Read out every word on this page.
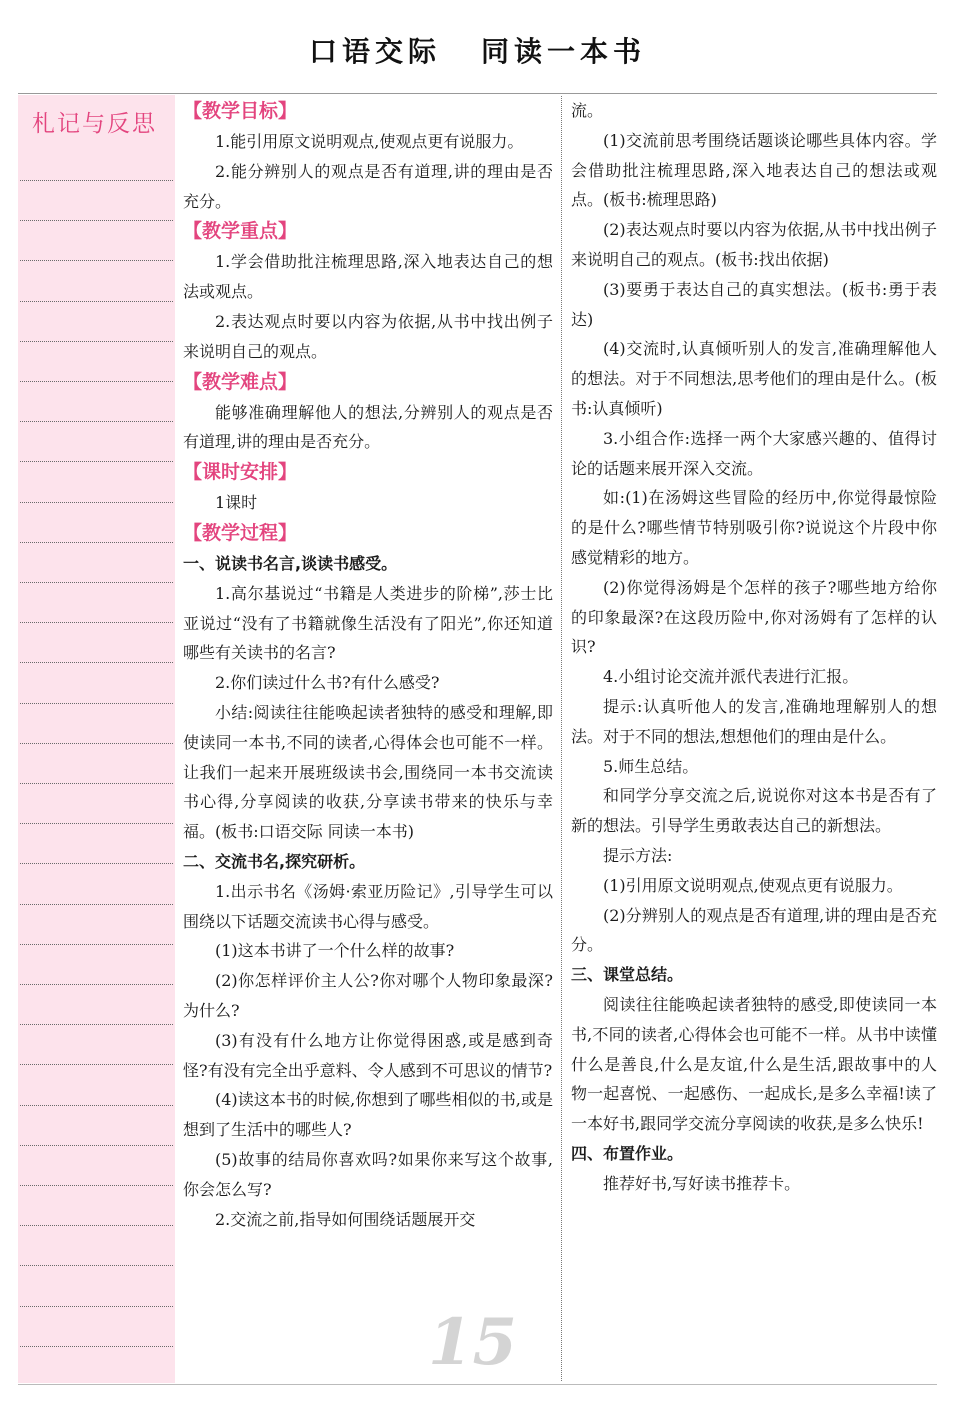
口语交际 同读一本书
札记与反思 【教学目标】

1.能引用原文说明观点,使观点更有说服力。

2.能分辨别人的观点是否有道理,讲的理由是否充分。

【教学重点】

1.学会借助批注梳理思路,深入地表达自己的想法或观点。

2.表达观点时要以内容为依据,从书中找出例子来说明自己的观点。

【教学难点】

能够准确理解他人的想法,分辨别人的观点是否有道理,讲的理由是否充分。

【课时安排】

1课时

【教学过程】

一、说读书名言,谈读书感受。

1.高尔基说过“书籍是人类进步的阶梯”,莎士比亚说过“没有了书籍就像生活没有了阳光”,你还知道哪些有关读书的名言?

2.你们读过什么书?有什么感受?

小结:阅读往往能唤起读者独特的感受和理解,即使读同一本书,不同的读者,心得体会也可能不一样。让我们一起来开展班级读书会,围绕同一本书交流读书心得,分享阅读的收获,分享读书带来的快乐与幸福。(板书:口语交际 同读一本书)

二、交流书名,探究研析。

1.出示书名《汤姆·索亚历险记》,引导学生可以围绕以下话题交流读书心得与感受。

(1)这本书讲了一个什么样的故事?

(2)你怎样评价主人公?你对哪个人物印象最深?为什么?

(3)有没有什么地方让你觉得困惑,或是感到奇怪?有没有完全出乎意料、令人感到不可思议的情节?

(4)读这本书的时候,你想到了哪些相似的书,或是想到了生活中的哪些人?

(5)故事的结局你喜欢吗?如果你来写这个故事,你会怎么写?

2.交流之前,指导如何围绕话题展开交

流。

(1)交流前思考围绕话题谈论哪些具体内容。学会借助批注梳理思路,深入地表达自己的想法或观点。(板书:梳理思路)

(2)表达观点时要以内容为依据,从书中找出例子来说明自己的观点。(板书:找出依据)

(3)要勇于表达自己的真实想法。(板书:勇于表达)

(4)交流时,认真倾听别人的发言,准确理解他人的想法。对于不同想法,思考他们的理由是什么。(板书:认真倾听)

3.小组合作:选择一两个大家感兴趣的、值得讨论的话题来展开深入交流。

如:(1)在汤姆这些冒险的经历中,你觉得最惊险的是什么?哪些情节特别吸引你?说说这个片段中你感觉精彩的地方。

(2)你觉得汤姆是个怎样的孩子?哪些地方给你的印象最深?在这段历险中,你对汤姆有了怎样的认识?

4.小组讨论交流并派代表进行汇报。

提示:认真听他人的发言,准确地理解别人的想法。对于不同的想法,想想他们的理由是什么。

5.师生总结。

和同学分享交流之后,说说你对这本书是否有了新的想法。引导学生勇敢表达自己的新想法。

提示方法:

(1)引用原文说明观点,使观点更有说服力。

(2)分辨别人的观点是否有道理,讲的理由是否充分。

三、课堂总结。

阅读往往能唤起读者独特的感受,即使读同一本书,不同的读者,心得体会也可能不一样。从书中读懂什么是善良,什么是友谊,什么是生活,跟故事中的人物一起喜悦、一起感伤、一起成长,是多么幸福!读了一本好书,跟同学交流分享阅读的收获,是多么快乐!

四、布置作业。

推荐好书,写好读书推荐卡。

15
